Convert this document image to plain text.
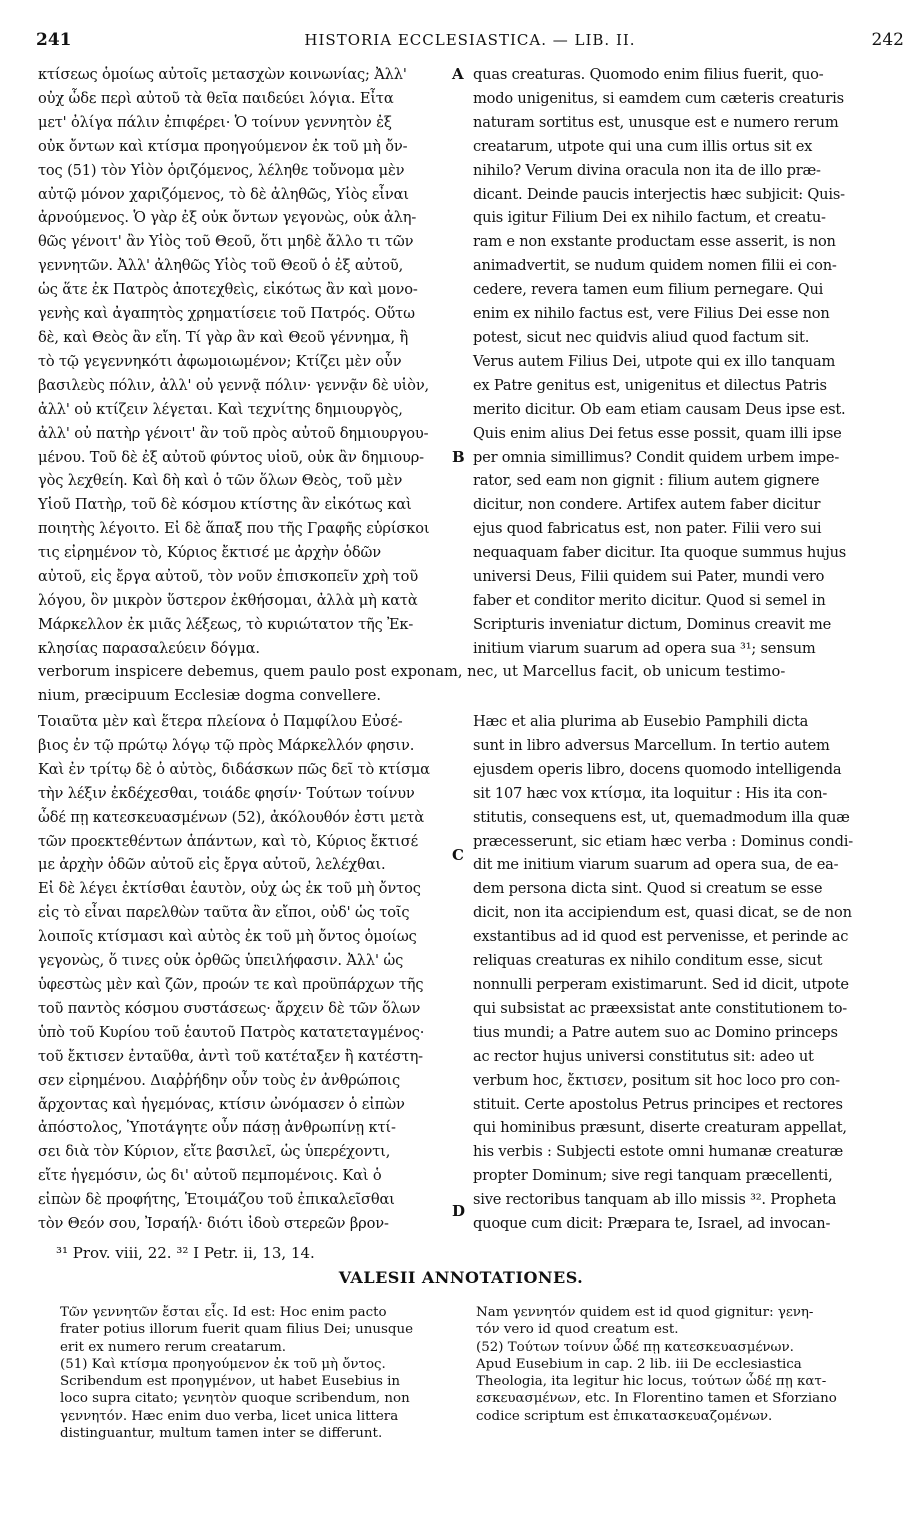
241	HISTORIA ECCLESIASTICA. — LIB. II.	242
κτίσεως ὁμοίως αὐτοῖς μετασχὼν κοινωνίας; Ἀλλ'
οὐχ ὧδε περὶ αὐτοῦ τὰ θεῖα παιδεύει λόγια. Εἶτα
μετ' ὀλίγα πάλιν ἐπιφέρει· Ὁ τοίνυν γεννητὸν ἐξ
οὐκ ὄντων καὶ κτίσμα προηγούμενον ἐκ τοῦ μὴ ὄν-
τος (51) τὸν Υἱὸν ὁριζόμενος, λέληθε τοὔνομα μὲν
αὐτῷ μόνον χαριζόμενος, τὸ δὲ ἀληθῶς, Υἱὸς εἶναι
ἀρνούμενος. Ὁ γὰρ ἐξ οὐκ ὄντων γεγονὼς, οὐκ ἀλη-
θῶς γένοιτ' ἂν Υἱὸς τοῦ Θεοῦ, ὅτι μηδὲ ἄλλο τι τῶν
γεννητῶν. Ἀλλ' ἀληθῶς Υἱὸς τοῦ Θεοῦ ὁ ἐξ αὐτοῦ,
ὡς ἅτε ἐκ Πατρὸς ἀποτεχθεὶς, εἰκότως ἂν καὶ μονο-
γενὴς καὶ ἀγαπητὸς χρηματίσειε τοῦ Πατρός. Οὕτω
δὲ, καὶ Θεὸς ἂν εἴη. Τί γὰρ ἂν καὶ Θεοῦ γέννημα, ἢ
τὸ τῷ γεγεννηκότι ἀφωμοιωμένον; Κτίζει μὲν οὖν
βασιλεὺς πόλιν, ἀλλ' οὐ γεννᾷ πόλιν· γεννᾷν δὲ υἱὸν,
ἀλλ' οὐ κτίζειν λέγεται. Καὶ τεχνίτης δημιουργὸς,
ἀλλ' οὐ πατὴρ γένοιτ' ἂν τοῦ πρὸς αὐτοῦ δημιουργου-
μένου. Τοῦ δὲ ἐξ αὐτοῦ φύντος υἱοῦ, οὐκ ἂν δημιουρ-
γὸς λεχθείη. Καὶ δὴ καὶ ὁ τῶν ὅλων Θεὸς, τοῦ μὲν
Υἱοῦ Πατὴρ, τοῦ δὲ κόσμου κτίστης ἂν εἰκότως καὶ
ποιητὴς λέγοιτο. Εἰ δὲ ἅπαξ που τῆς Γραφῆς εὑρίσκοι
τις εἰρημένον τὸ, Κύριος ἔκτισέ με ἀρχὴν ὁδῶν
αὐτοῦ, εἰς ἔργα αὐτοῦ, τὸν νοῦν ἐπισκοπεῖν χρὴ τοῦ
λόγου, ὃν μικρὸν ὕστερον ἐκθήσομαι, ἀλλὰ μὴ κατὰ
Μάρκελλον ἐκ μιᾶς λέξεως, τὸ κυριώτατον τῆς Ἐκ-
κλησίας παρασαλεύειν δόγμα.
quas creaturas. Quomodo enim filius fuerit, quo-
modo unigenitus, si eamdem cum cæteris creaturis
naturam sortitus est, unusque est e numero rerum
creatarum, utpote qui una cum illis ortus sit ex
nihilo? Verum divina oracula non ita de illo præ-
dicant. Deinde paucis interjectis hæc subjicit: Quis-
quis igitur Filium Dei ex nihilo factum, et creatu-
ram e non exstante productam esse asserit, is non
animadvertit, se nudum quidem nomen filii ei con-
cedere, revera tamen eum filium pernegare. Qui
enim ex nihilo factus est, vere Filius Dei esse non
potest, sicut nec quidvis aliud quod factum sit.
Verus autem Filius Dei, utpote qui ex illo tanquam
ex Patre genitus est, unigenitus et dilectus Patris
merito dicitur. Ob eam etiam causam Deus ipse est.
Quis enim alius Dei fetus esse possit, quam illi ipse
per omnia simillimus? Condit quidem urbem impe-
rator, sed eam non gignit : filium autem gignere
dicitur, non condere. Artifex autem faber dicitur
ejus quod fabricatus est, non pater. Filii vero sui
nequaquam faber dicitur. Ita quoque summus hujus
universi Deus, Filii quidem sui Pater, mundi vero
faber et conditor merito dicitur. Quod si semel in
Scripturis inveniatur dictum, Dominus creavit me
initium viarum suarum ad opera sua ³¹; sensum
verborum inspicere debemus, quem paulo post exponam, nec, ut Marcellus facit, ob unicum testimo-
nium, præcipuum Ecclesiæ dogma convellere.
Τοιαῦτα μὲν καὶ ἕτερα πλείονα ὁ Παμφίλου Εὐσέ-
βιος ἐν τῷ πρώτῳ λόγῳ τῷ πρὸς Μάρκελλόν φησιν.
Καὶ ἐν τρίτῳ δὲ ὁ αὐτὸς, διδάσκων πῶς δεῖ τὸ κτίσμα
τὴν λέξιν ἐκδέχεσθαι, τοιάδε φησίν· Τούτων τοίνυν
ὧδέ πῃ κατεσκευασμένων (52), ἀκόλουθόν ἐστι μετὰ
τῶν προεκτεθέντων ἁπάντων, καὶ τὸ, Κύριος ἔκτισέ
με ἀρχὴν ὁδῶν αὐτοῦ εἰς ἔργα αὐτοῦ, λελέχθαι.
Εἰ δὲ λέγει ἐκτίσθαι ἑαυτὸν, οὐχ ὡς ἐκ τοῦ μὴ ὄντος
εἰς τὸ εἶναι παρελθὼν ταῦτα ἂν εἴποι, οὐδ' ὡς τοῖς
λοιποῖς κτίσμασι καὶ αὐτὸς ἐκ τοῦ μὴ ὄντος ὁμοίως
γεγονὼς, ὅ τινες οὐκ ὀρθῶς ὑπειλήφασιν. Ἀλλ' ὡς
ὑφεστὼς μὲν καὶ ζῶν, προών τε καὶ προϋπάρχων τῆς
τοῦ παντὸς κόσμου συστάσεως· ἄρχειν δὲ τῶν ὅλων
ὑπὸ τοῦ Κυρίου τοῦ ἑαυτοῦ Πατρὸς κατατεταγμένος·
τοῦ ἔκτισεν ἐνταῦθα, ἀντὶ τοῦ κατέταξεν ἢ κατέστη-
σεν εἰρημένου. Διαῤῥήδην οὖν τοὺς ἐν ἀνθρώποις
ἄρχοντας καὶ ἡγεμόνας, κτίσιν ὠνόμασεν ὁ εἰπὼν
ἀπόστολος, Ὑποτάγητε οὖν πάσῃ ἀνθρωπίνῃ κτί-
σει διὰ τὸν Κύριον, εἴτε βασιλεῖ, ὡς ὑπερέχοντι,
εἴτε ἡγεμόσιν, ὡς δι' αὐτοῦ πεμπομένοις. Καὶ ὁ
εἰπὼν δὲ προφήτης, Ἑτοιμάζου τοῦ ἐπικαλεῖσθαι
τὸν Θεόν σου, Ἰσραήλ· διότι ἰδοὺ στερεῶν βρον-
Hæc et alia plurima ab Eusebio Pamphili dicta
sunt in libro adversus Marcellum. In tertio autem
ejusdem operis libro, docens quomodo intelligenda
sit 107 hæc vox κτίσμα, ita loquitur : His ita con-
stitutis, consequens est, ut, quemadmodum illa quæ
præcesserunt, sic etiam hæc verba : Dominus condi-
dit me initium viarum suarum ad opera sua, de ea-
dem persona dicta sint. Quod si creatum se esse
dicit, non ita accipiendum est, quasi dicat, se de non
exstantibus ad id quod est pervenisse, et perinde ac
reliquas creaturas ex nihilo conditum esse, sicut
nonnulli perperam existimarunt. Sed id dicit, utpote
qui subsistat ac præexsistat ante constitutionem to-
tius mundi; a Patre autem suo ac Domino princeps
ac rector hujus universi constitutus sit: adeo ut
verbum hoc, ἔκτισεν, positum sit hoc loco pro con-
stituit. Certe apostolus Petrus principes et rectores
qui hominibus præsunt, diserte creaturam appellat,
his verbis : Subjecti estote omni humanæ creaturæ
propter Dominum; sive regi tanquam præcellenti,
sive rectoribus tanquam ab illo missis ³². Propheta
quoque cum dicit: Præpara te, Israel, ad invocan-
A
B
C
D
³¹ Prov. viii, 22. ³² I Petr. ii, 13, 14.
VALESII ANNOTATIONES.
Τῶν γεννητῶν ἔσται εἷς. Id est: Hoc enim pacto
frater potius illorum fuerit quam filius Dei; unusque
erit ex numero rerum creatarum.
(51) Καὶ κτίσμα προηγούμενον ἐκ τοῦ μὴ ὄντος.
Scribendum est προηγμένον, ut habet Eusebius in
loco supra citato; γενητὸν quoque scribendum, non
γεννητόν. Hæc enim duo verba, licet unica littera
distinguantur, multum tamen inter se differunt.
Nam γεννητόν quidem est id quod gignitur: γενη-
τόν vero id quod creatum est.
(52) Τούτων τοίνυν ὧδέ πῃ κατεσκευασμένων.
Apud Eusebium in cap. 2 lib. iii De ecclesiastica
Theologia, ita legitur hic locus, τούτων ὧδέ πῃ κατ-
εσκευασμένων, etc. In Florentino tamen et Sforziano
codice scriptum est ἐπικατασκευαζομένων.
